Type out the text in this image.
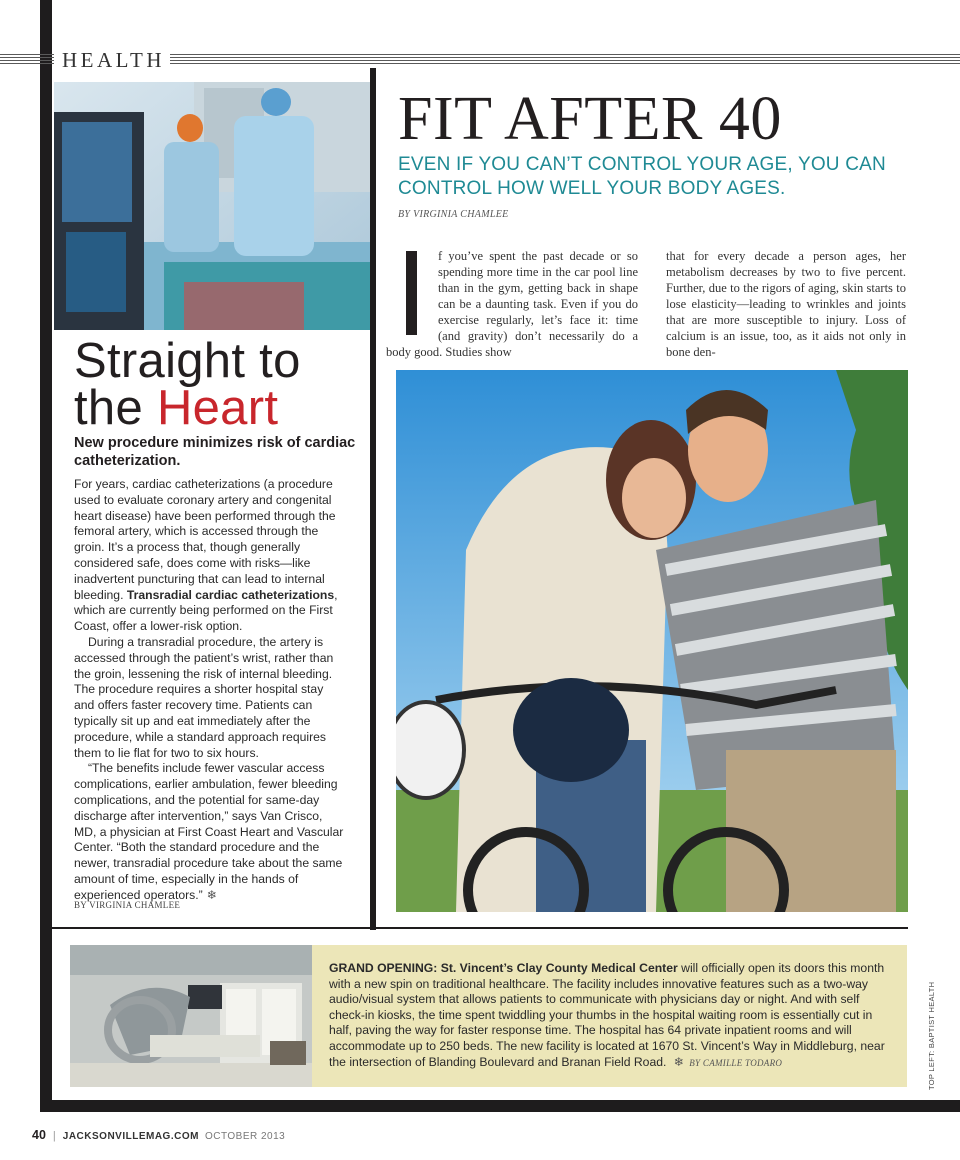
HEALTH
Straight to
the Heart
New procedure minimizes risk of cardiac catheterization.

For years, cardiac catheterizations (a procedure used to evaluate coronary artery and congenital heart disease) have been performed through the femoral artery, which is accessed through the groin. It’s a process that, though generally considered safe, does come with risks—like inadvertent puncturing that can lead to internal bleeding. Transradial cardiac catheterizations, which are currently being performed on the First Coast, offer a lower-risk option.

During a transradial procedure, the artery is accessed through the patient’s wrist, rather than the groin, lessening the risk of internal bleeding. The procedure requires a shorter hospital stay and offers faster recovery time. Patients can typically sit up and eat immediately after the procedure, while a standard approach requires them to lie flat for two to six hours.

“The benefits include fewer vascular access complications, earlier ambulation, fewer bleeding complications, and the potential for same-day discharge after intervention,” says Van Crisco, MD, a physician at First Coast Heart and Vascular Center. “Both the standard procedure and the newer, transradial procedure take about the same amount of time, especially in the hands of experienced operators.” ❄

BY VIRGINIA CHAMLEE
FIT AFTER 40
EVEN IF YOU CAN’T CONTROL YOUR AGE, YOU CAN CONTROL HOW WELL YOUR BODY AGES.
BY VIRGINIA CHAMLEE
f you’ve spent the past decade or so spending more time in the car pool line than in the gym, getting back in shape can be a daunting task. Even if you do exercise regularly, let’s face it: time (and gravity) don’t necessarily do a body good. Studies show
that for every decade a person ages, her metabolism decreases by two to five percent. Further, due to the rigors of aging, skin starts to lose elasticity—leading to wrinkles and joints that are more susceptible to injury. Loss of calcium is an issue, too, as it aids not only in bone den-
GRAND OPENING: St. Vincent’s Clay County Medical Center will officially open its doors this month with a new spin on traditional healthcare. The facility includes innovative features such as a two-way audio/visual system that allows patients to communicate with physicians day or night. And with self check-in kiosks, the time spent twiddling your thumbs in the hospital waiting room is essentially cut in half, paving the way for faster response time. The hospital has 64 private inpatient rooms and will accommodate up to 250 beds. The new facility is located at 1670 St. Vincent’s Way in Middleburg, near the intersection of Blanding Boulevard and Branan Field Road. ❄ BY CAMILLE TODARO	TOP LEFT: BAPTIST HEALTH
40 | JACKSONVILLEMAG.COM OCTOBER 2013
